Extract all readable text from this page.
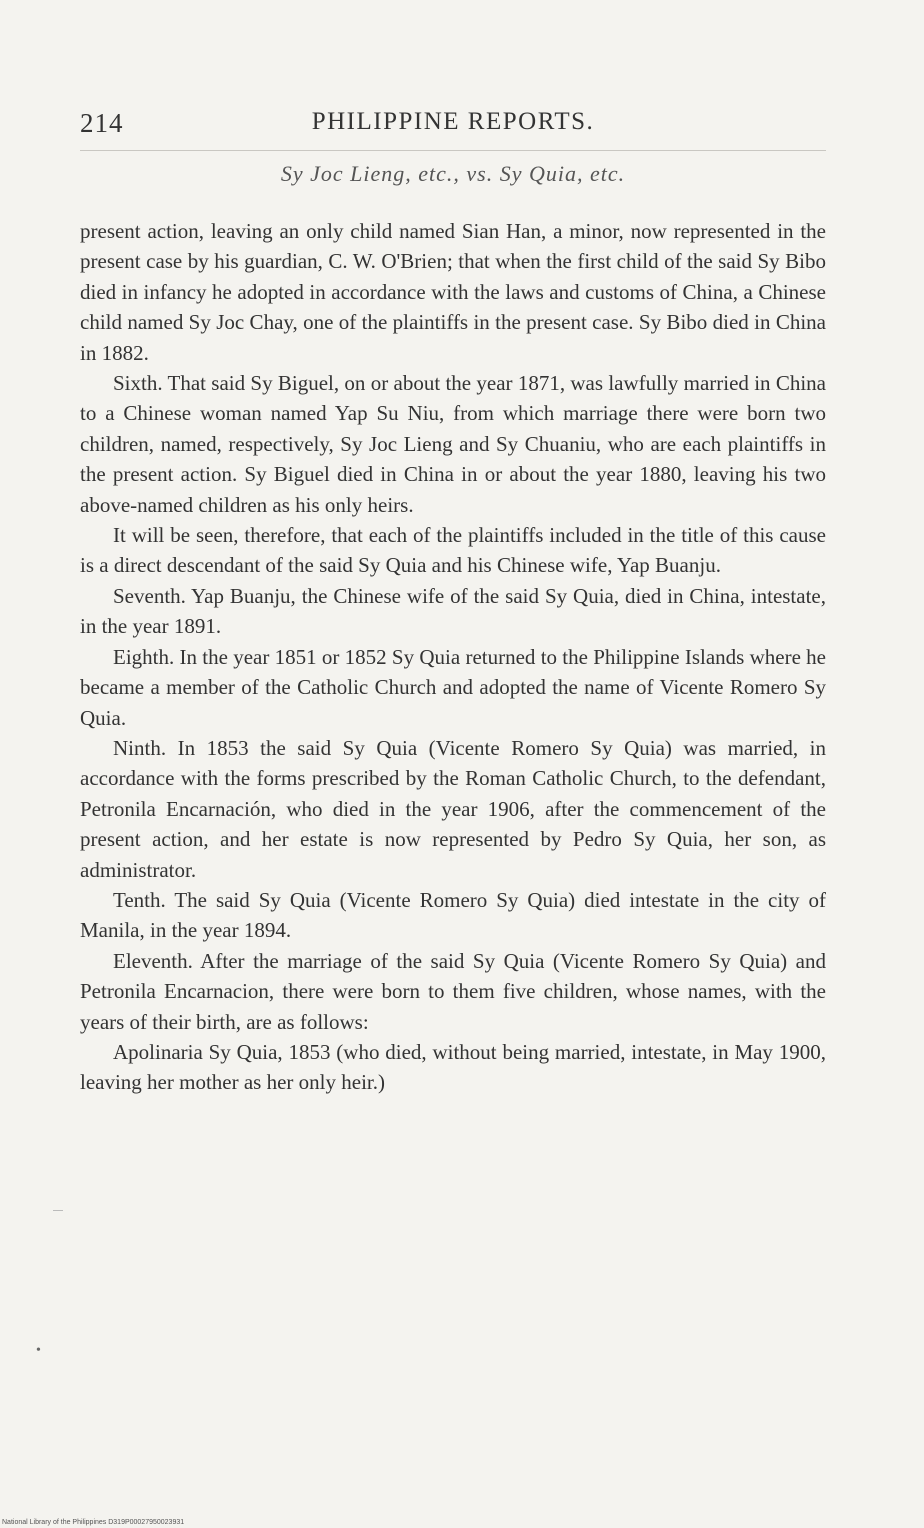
214	PHILIPPINE REPORTS.
Sy Joc Lieng, etc., vs. Sy Quia, etc.

present action, leaving an only child named Sian Han, a minor, now represented in the present case by his guardian, C. W. O'Brien; that when the first child of the said Sy Bibo died in infancy he adopted in accordance with the laws and customs of China, a Chinese child named Sy Joc Chay, one of the plaintiffs in the present case. Sy Bibo died in China in 1882.

Sixth. That said Sy Biguel, on or about the year 1871, was lawfully married in China to a Chinese woman named Yap Su Niu, from which marriage there were born two children, named, respectively, Sy Joc Lieng and Sy Chuaniu, who are each plaintiffs in the present action. Sy Biguel died in China in or about the year 1880, leaving his two above-named children as his only heirs.

It will be seen, therefore, that each of the plaintiffs included in the title of this cause is a direct descendant of the said Sy Quia and his Chinese wife, Yap Buanju.

Seventh. Yap Buanju, the Chinese wife of the said Sy Quia, died in China, intestate, in the year 1891.

Eighth. In the year 1851 or 1852 Sy Quia returned to the Philippine Islands where he became a member of the Catholic Church and adopted the name of Vicente Romero Sy Quia.

Ninth. In 1853 the said Sy Quia (Vicente Romero Sy Quia) was married, in accordance with the forms prescribed by the Roman Catholic Church, to the defendant, Petronila Encarnación, who died in the year 1906, after the commencement of the present action, and her estate is now represented by Pedro Sy Quia, her son, as administrator.

Tenth. The said Sy Quia (Vicente Romero Sy Quia) died intestate in the city of Manila, in the year 1894.

Eleventh. After the marriage of the said Sy Quia (Vicente Romero Sy Quia) and Petronila Encarnacion, there were born to them five children, whose names, with the years of their birth, are as follows:

Apolinaria Sy Quia, 1853 (who died, without being married, intestate, in May 1900, leaving her mother as her only heir.)

•
National Library of the Philippines D319P00027950023931
